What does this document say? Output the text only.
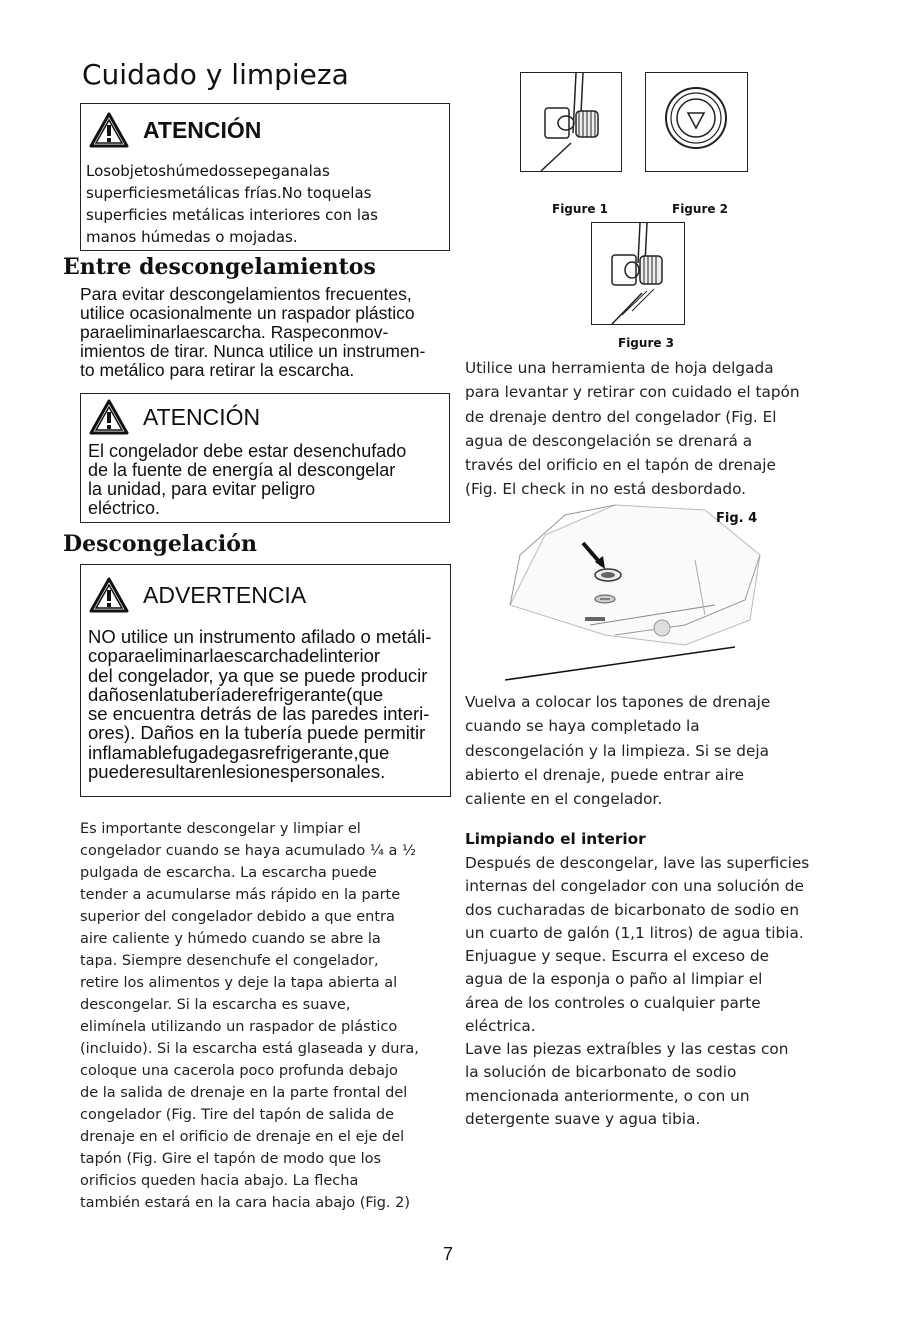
Cuidado y limpieza
ATENCIÓN
Losobjetoshúmedossepeganalas
superficiesmetálicas frías.No toquelas
superficies metálicas interiores con las
manos húmedas o mojadas.
Entre descongelamientos
Para evitar descongelamientos frecuentes,
utilice ocasionalmente un raspador plástico
paraeliminarlaescarcha. Raspeconmov-
imientos de tirar. Nunca utilice un instrumen-
to metálico para retirar la escarcha.
ATENCIÓN
El congelador debe estar desenchufado
de la fuente de energía al descongelar
la unidad, para evitar peligro
eléctrico.
Descongelación
ADVERTENCIA
NO utilice un instrumento afilado o metáli-
coparaeliminarlaescarchadelinterior
del congelador, ya que se puede producir
dañosenlatuberíaderefrigerante(que
se encuentra detrás de las paredes interi-
ores). Daños en la tubería puede permitir
inflamablefugadegasrefrigerante,que
puederesultarenlesionespersonales.
Es importante descongelar y limpiar el
congelador cuando se haya acumulado ¼ a ½
pulgada de escarcha. La escarcha puede
tender a acumularse más rápido en la parte
superior del congelador debido a que entra
aire caliente y húmedo cuando se abre la
tapa. Siempre desenchufe el congelador,
retire los alimentos y deje la tapa abierta al
descongelar. Si la escarcha es suave,
elimínela utilizando un raspador de plástico
(incluido). Si la escarcha está glaseada y dura,
coloque una cacerola poco profunda debajo
de la salida de drenaje en la parte frontal del
congelador (Fig. Tire del tapón de salida de
drenaje en el orificio de drenaje en el eje del
tapón (Fig. Gire el tapón de modo que los
orificios queden hacia abajo. La flecha
también estará en la cara hacia abajo (Fig. 2)
Figure 1	Figure 2
Figure 3
Utilice una herramienta de hoja delgada
para levantar y retirar con cuidado el tapón
de drenaje dentro del congelador (Fig. El
agua de descongelación se drenará a
través del orificio en el tapón de drenaje
(Fig. El check in no está desbordado.
Fig. 4
Vuelva a colocar los tapones de drenaje
cuando se haya completado la
descongelación y la limpieza. Si se deja
abierto el drenaje, puede entrar aire
caliente en el congelador.
Limpiando el interior
Después de descongelar, lave las superficies
internas del congelador con una solución de
dos cucharadas de bicarbonato de sodio en
un cuarto de galón (1,1 litros) de agua tibia.
Enjuague y seque. Escurra el exceso de
agua de la esponja o paño al limpiar el
área de los controles o cualquier parte
eléctrica.
Lave las piezas extraíbles y las cestas con
la solución de bicarbonato de sodio
mencionada anteriormente, o con un
detergente suave y agua tibia.
7
